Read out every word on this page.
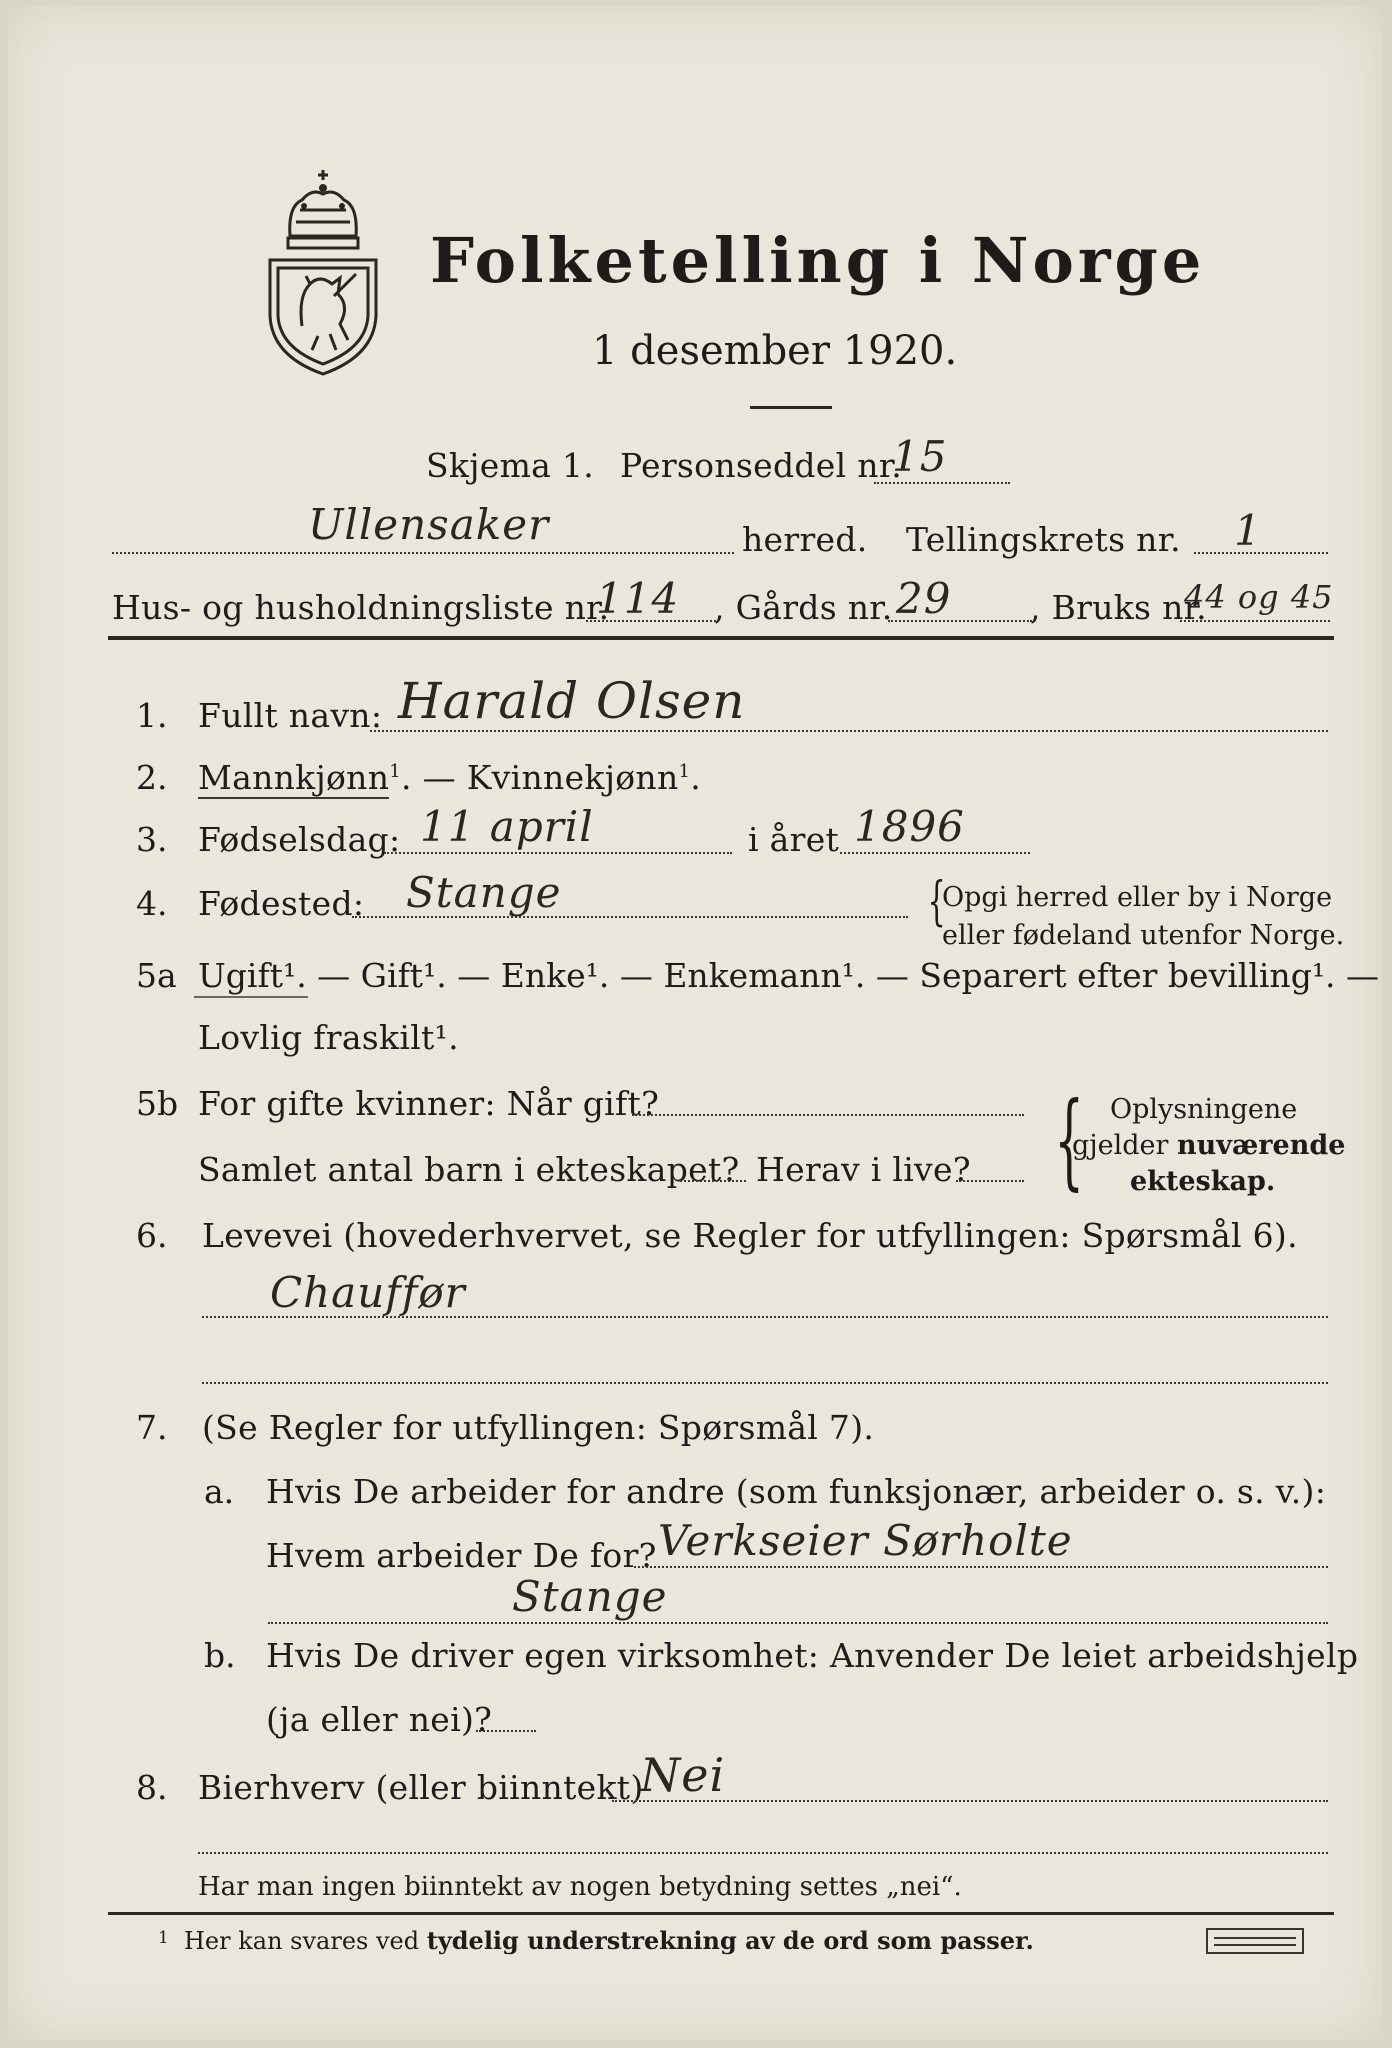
Folketelling i Norge
1 desember 1920.
Skjema 1. Personseddel nr.
15
Ullensaker	herred. Tellingskrets nr. 1
Hus- og husholdningsliste nr.
114 , Gårds nr. 29 , Bruks nr.
44 og 45
1. Fullt navn: Harald Olsen
2. Mannkjønn$^1$. — Kvinnekjønn$^1$.
3. Fødselsdag: 11 april	i året 1896
4. Fødested: Stange	{
Opgi herred eller by i Norge
eller fødeland utenfor Norge.
5a Ugift¹. — Gift¹. — Enke¹. — Enkemann¹. — Separert efter bevilling¹. —
Lovlig fraskilt¹.
5b For gifte kvinner: Når gift?
Samlet antal barn i ekteskapet? Herav i live? { Oplysningene
gjelder nuværende
ekteskap.
6. Levevei (hovederhvervet, se Regler for utfyllingen: Spørsmål 6).
Chauffør
7. (Se Regler for utfyllingen: Spørsmål 7).
a. Hvis De arbeider for andre (som funksjonær, arbeider o. s. v.):
Hvem arbeider De for? Verkseier Sørholte
Stange
b. Hvis De driver egen virksomhet: Anvender De leiet arbeidshjelp
(ja eller nei)?
8. Bierhverv (eller biinntekt)
Nei
Har man ingen biinntekt av nogen betydning settes „nei“.
1 Her kan svares ved tydelig understrekning av de ord som passer.
